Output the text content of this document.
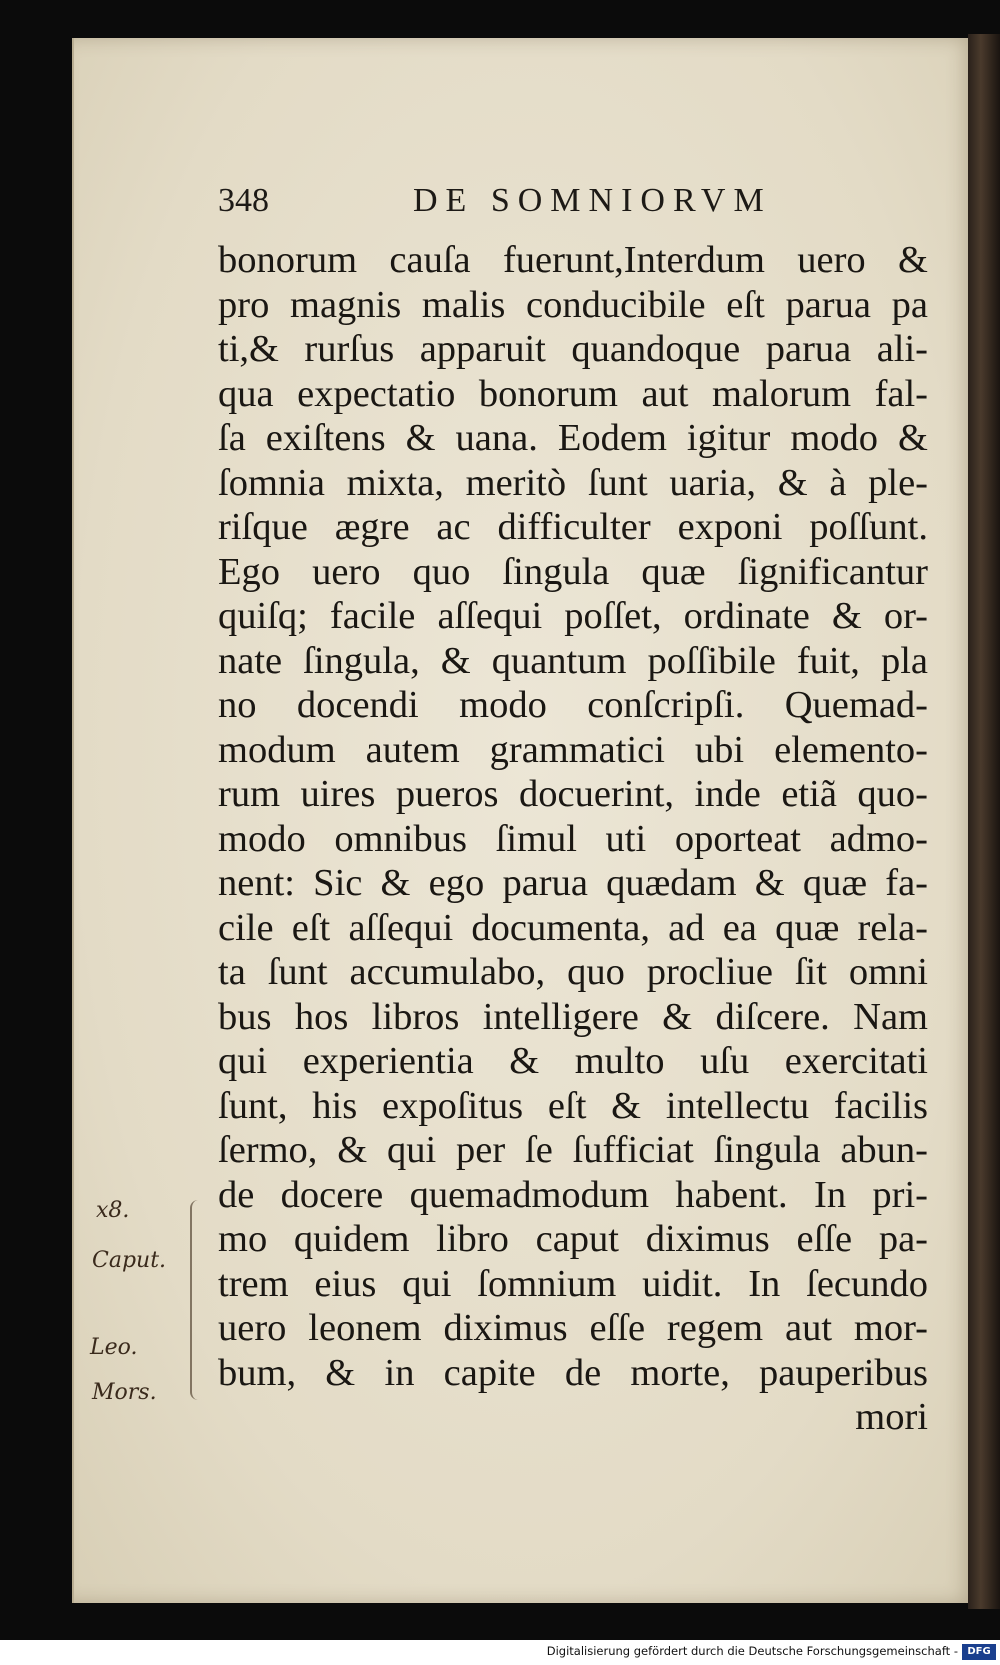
348	DE SOMNIORVM
bonorum cauſa fuerunt,Interdum uero &
pro magnis malis conducibile eſt parua pa
ti,& rurſus apparuit quandoque parua ali-
qua expectatio bonorum aut malorum fal-
ſa exiſtens & uana. Eodem igitur modo &
ſomnia mixta, meritò ſunt uaria, & à ple-
riſque ægre ac difficulter exponi poſſunt.
Ego uero quo ſingula quæ ſignificantur
quiſq; facile aſſequi poſſet, ordinate & or-
nate ſingula, & quantum poſſibile fuit, pla
no docendi modo conſcripſi. Quemad-
modum autem grammatici ubi elemento-
rum uires pueros docuerint, inde etiã quo-
modo omnibus ſimul uti oporteat admo-
nent: Sic & ego parua quædam & quæ fa-
cile eſt aſſequi documenta, ad ea quæ rela-
ta ſunt accumulabo, quo procliue ſit omni
bus hos libros intelligere & diſcere. Nam
qui experientia & multo uſu exercitati
ſunt, his expoſitus eſt & intellectu facilis
ſermo, & qui per ſe ſufficiat ſingula abun-
de docere quemadmodum habent. In pri-
mo quidem libro caput diximus eſſe pa-
trem eius qui ſomnium uidit. In ſecundo
uero leonem diximus eſſe regem aut mor-
bum, & in capite de morte, pauperibus
mori
x8.
Caput.
Leo.
Mors.
Digitalisierung gefördert durch die Deutsche Forschungsgemeinschaft - DFG
